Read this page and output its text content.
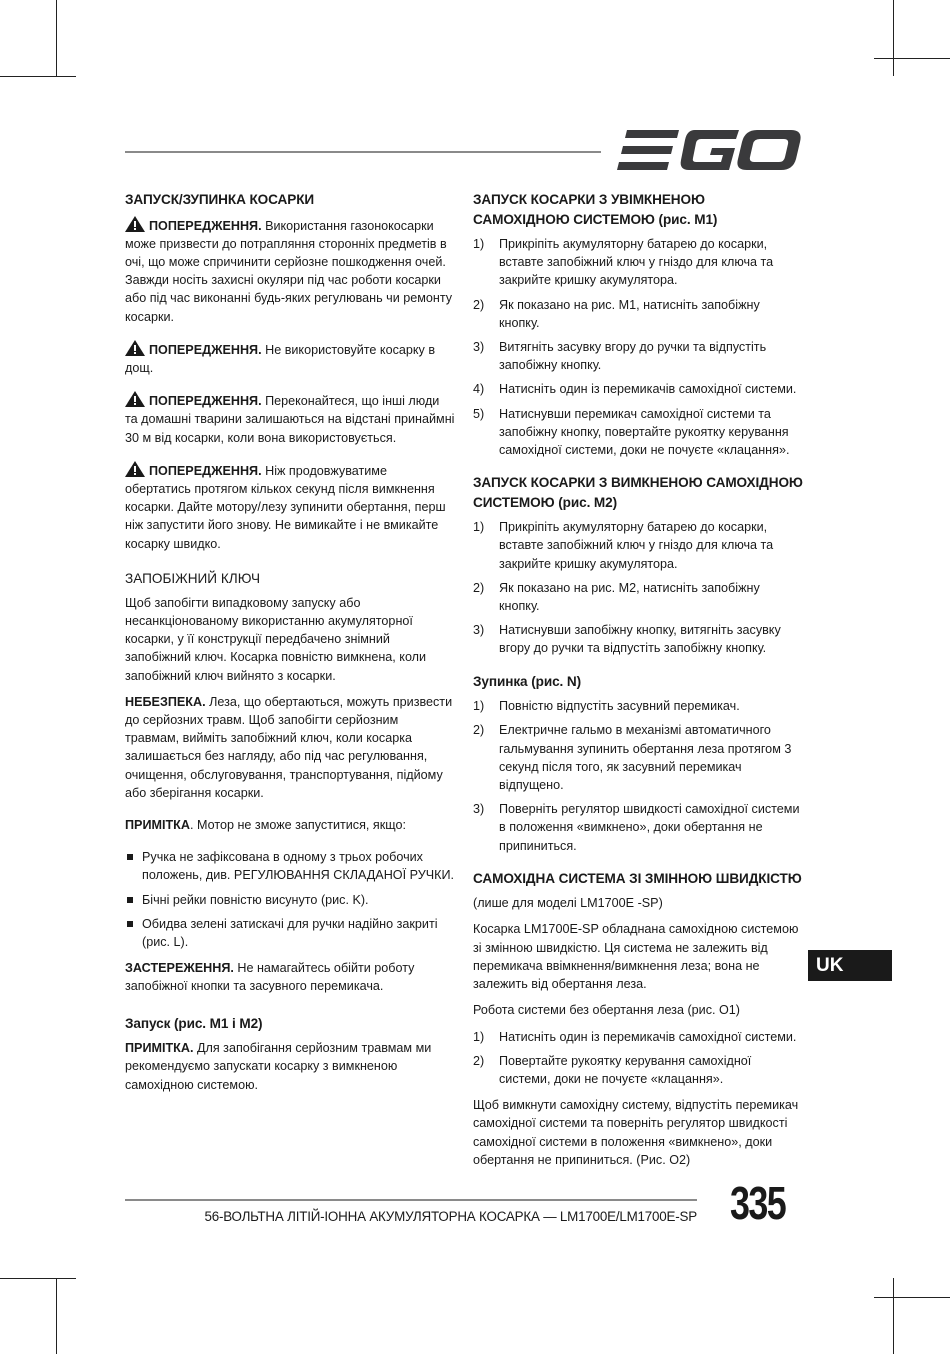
ЗАПУСК/ЗУПИНКА КОСАРКИ

ПОПЕРЕДЖЕННЯ. Використання газонокосарки може призвести до потрапляння сторонніх предметів в очі, що може спричинити серйозне пошкодження очей. Завжди носіть захисні окуляри під час роботи косарки або під час виконанні будь-яких регулювань чи ремонту косарки.

ПОПЕРЕДЖЕННЯ. Не використовуйте косарку в дощ.

ПОПЕРЕДЖЕННЯ. Переконайтеся, що інші люди та домашні тварини залишаються на відстані принаймні 30 м від косарки, коли вона використовується.

ПОПЕРЕДЖЕННЯ. Ніж продовжуватиме обертатись протягом кількох секунд після вимкнення косарки. Дайте мотору/лезу зупинити обертання, перш ніж запустити його знову. Не вимикайте і не вмикайте косарку швидко.

ЗАПОБІЖНИЙ КЛЮЧ

Щоб запобігти випадковому запуску або несанкціонованому використанню акумуляторної косарки, у її конструкції передбачено знімний запобіжний ключ. Косарка повністю вимкнена, коли запобіжний ключ вийнято з косарки.

НЕБЕЗПЕКА. Леза, що обертаються, можуть призвести до серйозних травм. Щоб запобігти серйозним травмам, вийміть запобіжний ключ, коли косарка залишається без нагляду, або під час регулювання, очищення, обслуговування, транспортування, підйому або зберігання косарки.

ПРИМІТКА. Мотор не зможе запуститися, якщо:

Ручка не зафіксована в одному з трьох робочих положень, див. РЕГУЛЮВАННЯ СКЛАДАНОЇ РУЧКИ.
Бічні рейки повністю висунуто (рис. K).
Обидва зелені затискачі для ручки надійно закриті (рис. L).

ЗАСТЕРЕЖЕННЯ. Не намагайтесь обійти роботу запобіжної кнопки та засувного перемикача.

Запуск (рис. M1 і M2)

ПРИМІТКА. Для запобігання серйозним травмам ми рекомендуємо запускати косарку з вимкненою самохідною системою.

ЗАПУСК КОСАРКИ З УВІМКНЕНОЮ САМОХІДНОЮ СИСТЕМОЮ (рис. M1)
1) Прикріпіть акумуляторну батарею до косарки, вставте запобіжний ключ у гніздо для ключа та закрийте кришку акумулятора.
2) Як показано на рис. M1, натисніть запобіжну кнопку.
3) Витягніть засувку вгору до ручки та відпустіть запобіжну кнопку.
4) Натисніть один із перемикачів самохідної системи.
5) Натиснувши перемикач самохідної системи та запобіжну кнопку, повертайте рукоятку керування самохідної системи, доки не почуєте «клацання».
ЗАПУСК КОСАРКИ З ВИМКНЕНОЮ САМОХІДНОЮ СИСТЕМОЮ (рис. M2)
1) Прикріпіть акумуляторну батарею до косарки, вставте запобіжний ключ у гніздо для ключа та закрийте кришку акумулятора.
2) Як показано на рис. M2, натисніть запобіжну кнопку.
3) Натиснувши запобіжну кнопку, витягніть засувку вгору до ручки та відпустіть запобіжну кнопку.
Зупинка (рис. N)
1) Повністю відпустіть засувний перемикач.
2) Електричне гальмо в механізмі автоматичного гальмування зупинить обертання леза протягом 3 секунд після того, як засувний перемикач відпущено.
3) Поверніть регулятор швидкості самохідної системи в положення «вимкнено», доки обертання не припиниться.
САМОХІДНА СИСТЕМА ЗІ ЗМІННОЮ ШВИДКІСТЮ

(лише для моделі LM1700E -SP)

Косарка LM1700E-SP обладнана самохідною системою зі змінною швидкістю. Ця система не залежить від перемикача ввімкнення/вимкнення леза; вона не залежить від обертання леза.

Робота системи без обертання леза (рис. O1)

1) Натисніть один із перемикачів самохідної системи.
2) Повертайте рукоятку керування самохідної системи, доки не почуєте «клацання».

Щоб вимкнути самохідну систему, відпустіть перемикач самохідної системи та поверніть регулятор швидкості самохідної системи в положення «вимкнено», доки обертання не припиниться. (Рис. O2)

UK
56-ВОЛЬТНА ЛІТІЙ-ІОННА АКУМУЛЯТОРНА КОСАРКА — LM1700E/LM1700E-SP 335
